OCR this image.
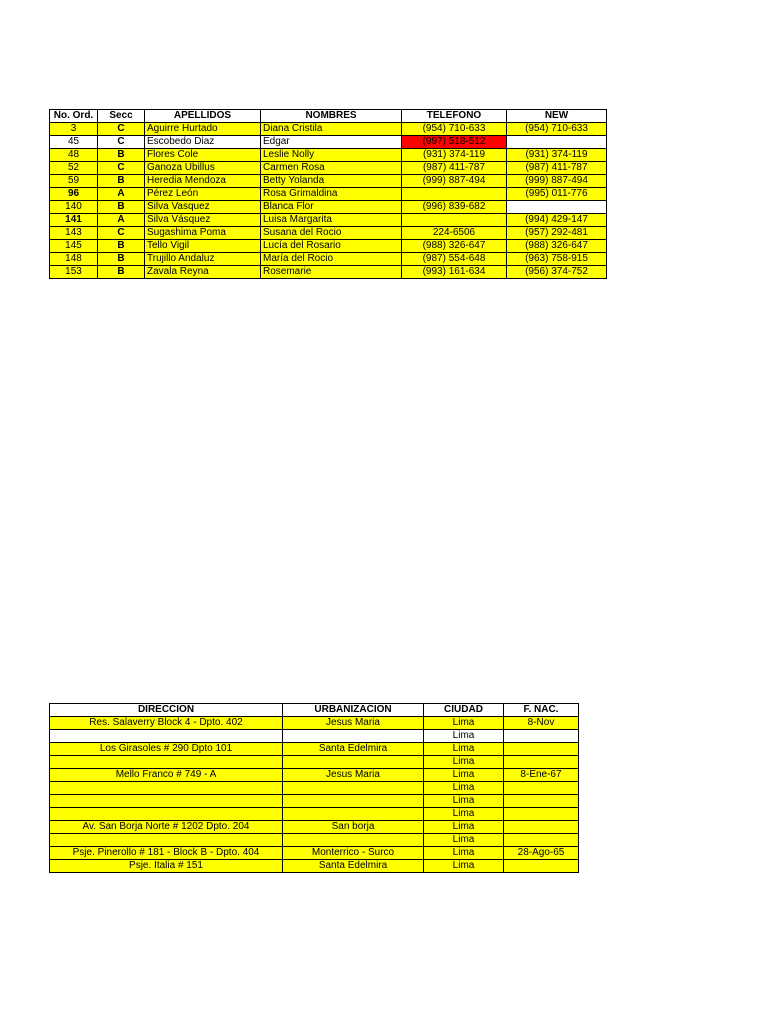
No. Ord.	Secc	APELLIDOS	NOMBRES	TELEFONO	NEW
3	C	Aguirre Hurtado	Diana Cristila	(954) 710-633	(954) 710-633
45	C	Escobedo Diaz	Edgar	(997) 518-512	
48	B	Flores Cole	Leslie Nolly	(931) 374-119	(931) 374-119
52	C	Ganoza Ubillus	Carmen Rosa	(987) 411-787	(987) 411-787
59	B	Heredia Mendoza	Betty Yolanda	(999) 887-494	(999) 887-494
96	A	Pérez León	Rosa Grimaldina		(995) 011-776
140	B	Silva Vasquez	Blanca Flor	(996) 839-682	
141	A	Silva Vásquez	Luisa Margarita		(994) 429-147
143	C	Sugashima Poma	Susana del Rocio	224-6506	(957) 292-481
145	B	Tello Vigil	Lucía del Rosario	(988) 326-647	(988) 326-647
148	B	Trujillo Andaluz	María del Rocio	(987) 554-648	(963) 758-915
153	B	Zavala Reyna	Rosemarie	(993) 161-634	(956) 374-752
DIRECCION	URBANIZACION	CIUDAD	F. NAC.
Res. Salaverry Block 4 - Dpto. 402	Jesus Maria	Lima	8-Nov
		Lima	
Los Girasoles # 290 Dpto 101	Santa Edelmira	Lima	
		Lima	
Mello Franco # 749 - A	Jesus Maria	Lima	8-Ene-67
		Lima	
		Lima	
		Lima	
Av. San Borja Norte # 1202 Dpto. 204	San borja	Lima	
		Lima	
Psje. Pinerollo # 181 - Block B - Dpto. 404	Monterrico - Surco	Lima	28-Ago-65
Psje. Italia # 151	Santa Edelmira	Lima	
